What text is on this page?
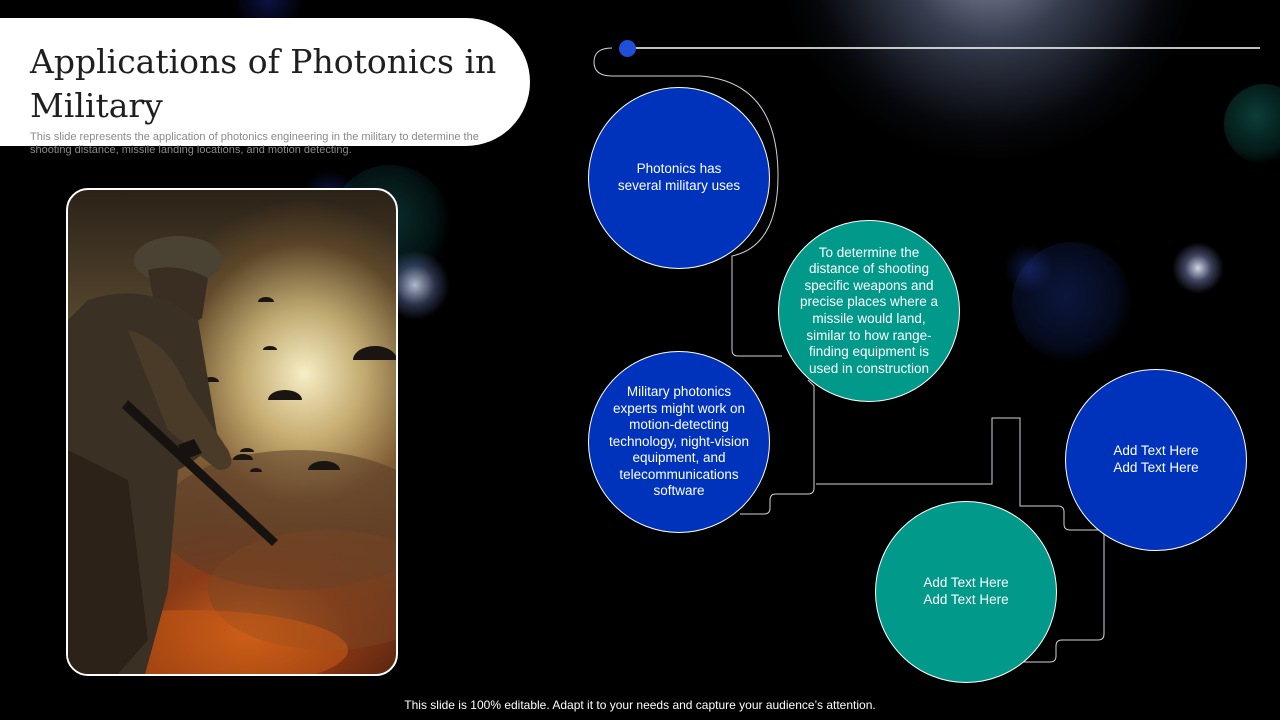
Applications of Photonics in Military

This slide represents the application of photonics engineering in the military to determine the shooting distance, missile landing locations, and motion detecting.

Photonics has several military uses
To determine the distance of shooting specific weapons and precise places where a missile would land, similar to how range-finding equipment is used in construction
Military photonics experts might work on motion-detecting technology, night-vision equipment, and telecommunications software
Add Text Here Add Text Here
Add Text Here Add Text Here
This slide is 100% editable. Adapt it to your needs and capture your audience’s attention.
